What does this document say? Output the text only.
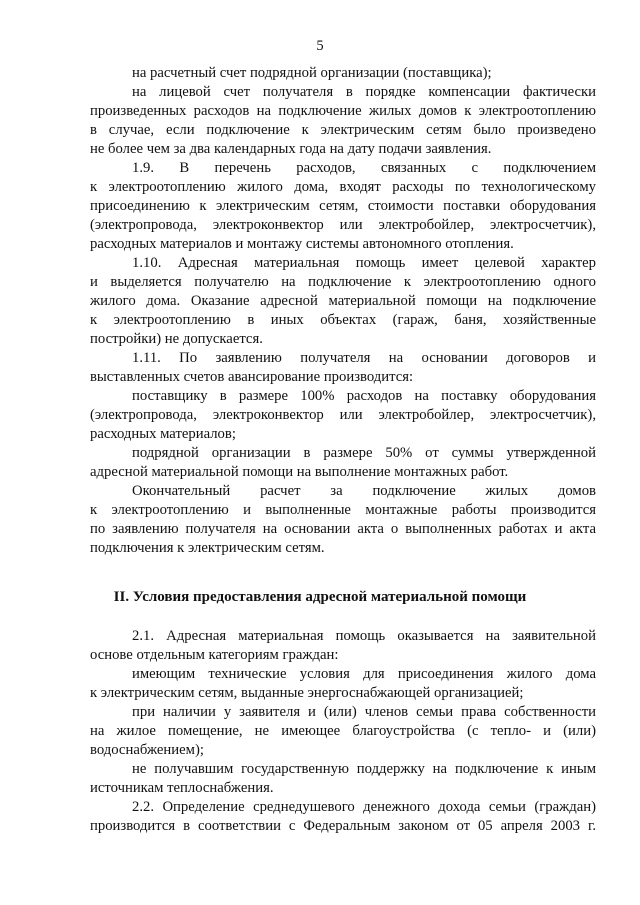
5
на расчетный счет подрядной организации (поставщика);
на лицевой счет получателя в порядке компенсации фактически
произведенных расходов на подключение жилых домов к электроотоплению
в случае, если подключение к электрическим сетям было произведено
не более чем за два календарных года на дату подачи заявления.
1.9. В перечень расходов, связанных с подключением
к электроотоплению жилого дома, входят расходы по технологическому
присоединению к электрическим сетям, стоимости поставки оборудования
(электропровода, электроконвектор или электробойлер, электросчетчик),
расходных материалов и монтажу системы автономного отопления.
1.10. Адресная материальная помощь имеет целевой характер
и выделяется получателю на подключение к электроотоплению одного
жилого дома. Оказание адресной материальной помощи на подключение
к электроотоплению в иных объектах (гараж, баня, хозяйственные
постройки) не допускается.
1.11. По заявлению получателя на основании договоров и
выставленных счетов авансирование производится:
поставщику в размере 100% расходов на поставку оборудования
(электропровода, электроконвектор или электробойлер, электросчетчик),
расходных материалов;
подрядной организации в размере 50% от суммы утвержденной
адресной материальной помощи на выполнение монтажных работ.
Окончательный расчет за подключение жилых домов
к электроотоплению и выполненные монтажные работы производится
по заявлению получателя на основании акта о выполненных работах и акта
подключения к электрическим сетям.
II. Условия предоставления адресной материальной помощи
2.1. Адресная материальная помощь оказывается на заявительной
основе отдельным категориям граждан:
имеющим технические условия для присоединения жилого дома
к электрическим сетям, выданные энергоснабжающей организацией;
при наличии у заявителя и (или) членов семьи права собственности
на жилое помещение, не имеющее благоустройства (с тепло- и (или)
водоснабжением);
не получавшим государственную поддержку на подключение к иным
источникам теплоснабжения.
2.2. Определение среднедушевого денежного дохода семьи (граждан)
производится в соответствии с Федеральным законом от 05 апреля 2003 г.
